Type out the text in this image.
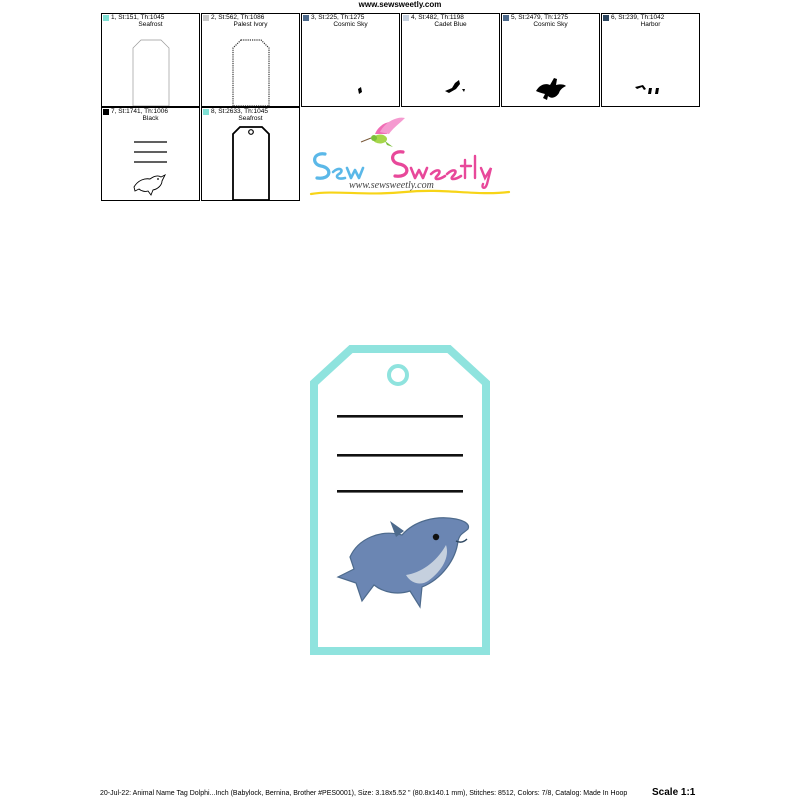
www.sewsweetly.com
1, St:151, Th:1045
Seafrost
2, St:562, Th:1086
Palest Ivory
3, St:225, Th:1275
Cosmic Sky
4, St:482, Th:1198
Cadet Blue
5, St:2479, Th:1275
Cosmic Sky
6, St:239, Th:1042
Harbor
7, St:1741, Th:1006
Black
8, St:2633, Th:1045
Seafrost
www.sewsweetly.com
20-Jul-22: Animal Name Tag Dolphi...Inch (Babylock, Bernina, Brother #PES0001), Size: 3.18x5.52 " (80.8x140.1 mm), Stitches: 8512, Colors: 7/8, Catalog: Made In Hoop	Scale 1:1
